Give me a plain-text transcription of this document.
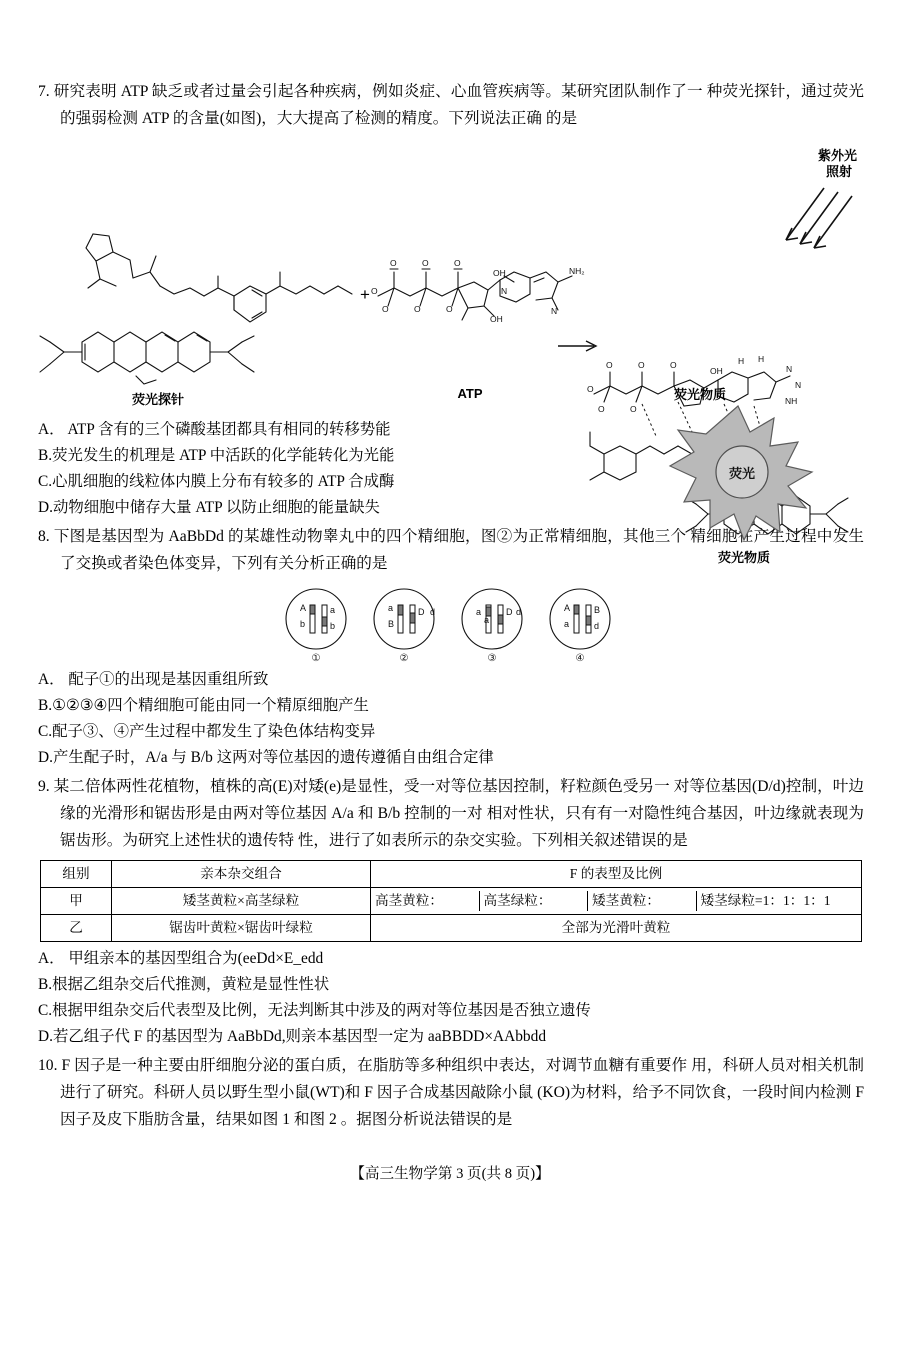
7. 研究表明 ATP 缺乏或者过量会引起各种疾病，例如炎症、心血管疾病等。某研究团队制作了一 种荧光探针，通过荧光的强弱检测 ATP 的含量(如图)，大大提高了检测的精度。下列说法正确 的是
荧光探针
+ O
O	O	O
O	O	O
OH
OH
N
N
NH₂
ATP	O
O	O	O
O	O
OH
H H
N
N
NH
荧光
紫外光
照射
荧光物质
荧光物质
A． ATP 含有的三个磷酸基团都具有相同的转移势能
B.荧光发生的机理是 ATP 中活跃的化学能转化为光能
C.心肌细胞的线粒体内膜上分布有较多的 ATP 合成酶
D.动物细胞中储存大量 ATP 以防止细胞的能量缺失
8. 下图是基因型为 AaBbDd 的某雄性动物睾丸中的四个精细胞，图②为正常精细胞，其他三个 精细胞在产生过程中发生了交换或者染色体变异，下列有关分析正确的是
A
b
a
b
a
B
D d	a
a
D d	A
a
B
d
①	②	③	④
A． 配子①的出现是基因重组所致
B.①②③④四个精细胞可能由同一个精原细胞产生
C.配子③、④产生过程中都发生了染色体结构变异
D.产生配子时，A/a 与 B/b 这两对等位基因的遗传遵循自由组合定律
9. 某二倍体两性花植物，植株的高(E)对矮(e)是显性，受一对等位基因控制，籽粒颜色受另一 对等位基因(D/d)控制，叶边缘的光滑形和锯齿形是由两对等位基因 A/a 和 B/b 控制的一对 相对性状，只有有一对隐性纯合基因，叶边缘就表现为锯齿形。为研究上述性状的遗传特 性，进行了如表所示的杂交实验。下列相关叙述错误的是
组别	亲本杂交组合	F 的表型及比例
甲	矮茎黄粒×高茎绿粒	高茎黄粒： 高茎绿粒： 矮茎黄粒： 矮茎绿粒=1：1：1：1

乙	锯齿叶黄粒×锯齿叶绿粒	全部为光滑叶黄粒
A． 甲组亲本的基因型组合为(eeDd×E_edd
B.根据乙组杂交后代推测，黄粒是显性性状
C.根据甲组杂交后代表型及比例，无法判断其中涉及的两对等位基因是否独立遗传
D.若乙组子代 F 的基因型为 AaBbDd,则亲本基因型一定为 aaBBDD×AAbbdd
10. F 因子是一种主要由肝细胞分泌的蛋白质，在脂肪等多种组织中表达，对调节血糖有重要作 用，科研人员对相关机制进行了研究。科研人员以野生型小鼠(WT)和 F 因子合成基因敲除小鼠 (KO)为材料，给予不同饮食，一段时间内检测 F 因子及皮下脂肪含量，结果如图 1 和图 2 。据图分析说法错误的是
【高三生物学第 3 页(共 8 页)】
